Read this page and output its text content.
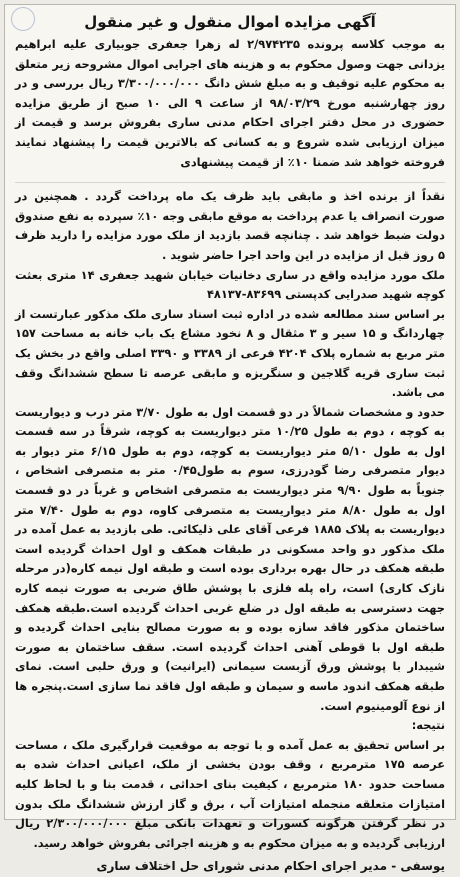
آگهی مزایده اموال منقول و غیر منقول

به موجب کلاسه پرونده ۲/۹۷۴۲۳۵ له زهرا جعفری جوبیاری علیه ابراهیم یزدانی جهت وصول محکوم به و هزینه های اجرایی اموال مشروحه زیر متعلق به محکوم علیه توقیف و به مبلغ شش دانگ ۳/۳۰۰/۰۰۰/۰۰۰ ریال بررسی و در روز چهارشنبه مورخ ۹۸/۰۳/۲۹ از ساعت ۹ الی ۱۰ صبح از طریق مزایده حضوری در محل دفتر اجرای احکام مدنی ساری بفروش برسد و قیمت از میزان ارزیابی شده شروع و به کسانی که بالاترین قیمت را پیشنهاد نمایند فروخته خواهد شد ضمنا ۱۰٪ از قیمت پیشنهادی

نقداً از برنده اخذ و مابقی باید ظرف یک ماه پرداخت گردد . همچنین در صورت انصراف یا عدم پرداخت به موقع مابقی وجه ۱۰٪ سپرده به نفع صندوق دولت ضبط خواهد شد . چنانچه قصد بازدید از ملک مورد مزایده را دارید ظرف ۵ روز قبل از مزایده در این واحد اجرا حاضر شوید .

ملک مورد مزایده واقع در ساری دخانیات خیابان شهید جعفری ۱۴ متری بعثت کوچه شهید صدرایی کدپستی ۸۳۶۹۹-۴۸۱۳۷

بر اساس سند مطالعه شده در اداره ثبت اسناد ساری ملک مذکور عبارتست از چهاردانگ و ۱۵ سیر و ۳ مثقال و ۸ نخود مشاع یک باب خانه به مساحت ۱۵۷ متر مربع به شماره پلاک ۴۲۰۴ فرعی از ۳۳۸۹ و ۳۳۹۰ اصلی واقع در بخش یک ثبت ساری قریه گلاجین و سنگریزه و مابقی عرصه تا سطح ششدانگ وقف می باشد.

حدود و مشخصات شمالاً در دو قسمت اول به طول ۳/۷۰ متر درب و دیواریست به کوچه ، دوم به طول ۱۰/۲۵ متر دیواریست به کوچه، شرقاً در سه قسمت اول به طول ۵/۱۰ متر دیواریست به کوچه، دوم به طول ۶/۱۵ متر دیوار به دیوار متصرفی رضا گودرزی، سوم به طول۰/۴۵ متر به متصرفی اشخاص ، جنوباً به طول ۹/۹۰ متر دیواریست به متصرفی اشخاص و غرباً در دو قسمت اول به طول ۸/۸۰ متر دیواریست به متصرفی کاوه، دوم به طول ۷/۴۰ متر دیواریست به پلاک ۱۸۸۵ فرعی آقای علی ذلیکائی. طی بازدید به عمل آمده در ملک مذکور دو واحد مسکونی در طبقات همکف و اول احداث گردیده است طبقه همکف در حال بهره برداری بوده است و طبقه اول نیمه کاره(در مرحله نازک کاری) است، راه پله فلزی با پوشش طاق ضربی به صورت نیمه کاره جهت دسترسی به طبقه اول در ضلع غربی احداث گردیده است.طبقه همکف ساختمان مذکور فاقد سازه بوده و به صورت مصالح بنایی احداث گردیده و طبقه اول با قوطی آهنی احداث گردیده است. سقف ساختمان به صورت شیبدار با پوشش ورق آزبست سیمانی (ایرانیت) و ورق حلبی است. نمای طبقه همکف اندود ماسه و سیمان و طبقه اول فاقد نما سازی است.پنجره ها از نوع آلومینیوم است.

نتیجه:

بر اساس تحقیق به عمل آمده و با توجه به موقعیت قرارگیری ملک ، مساحت عرصه ۱۷۵ مترمربع ، وقف بودن بخشی از ملک، اعیانی احداث شده به مساحت حدود ۱۸۰ مترمربع ، کیفیت بنای احداثی ، قدمت بنا و با لحاظ کلیه امتیازات متعلقه منجمله امتیازات آب ، برق و گاز ارزش ششدانگ ملک بدون در نظر گرفتن هرگونه کسورات و تعهدات بانکی مبلغ ۲/۳۰۰/۰۰۰/۰۰۰ ریال ارزیابی گردیده و به میزان محکوم به و هزینه اجرائی بفروش خواهد رسید.

یوسفی - مدیر اجرای احکام مدنی شورای حل اختلاف ساری
